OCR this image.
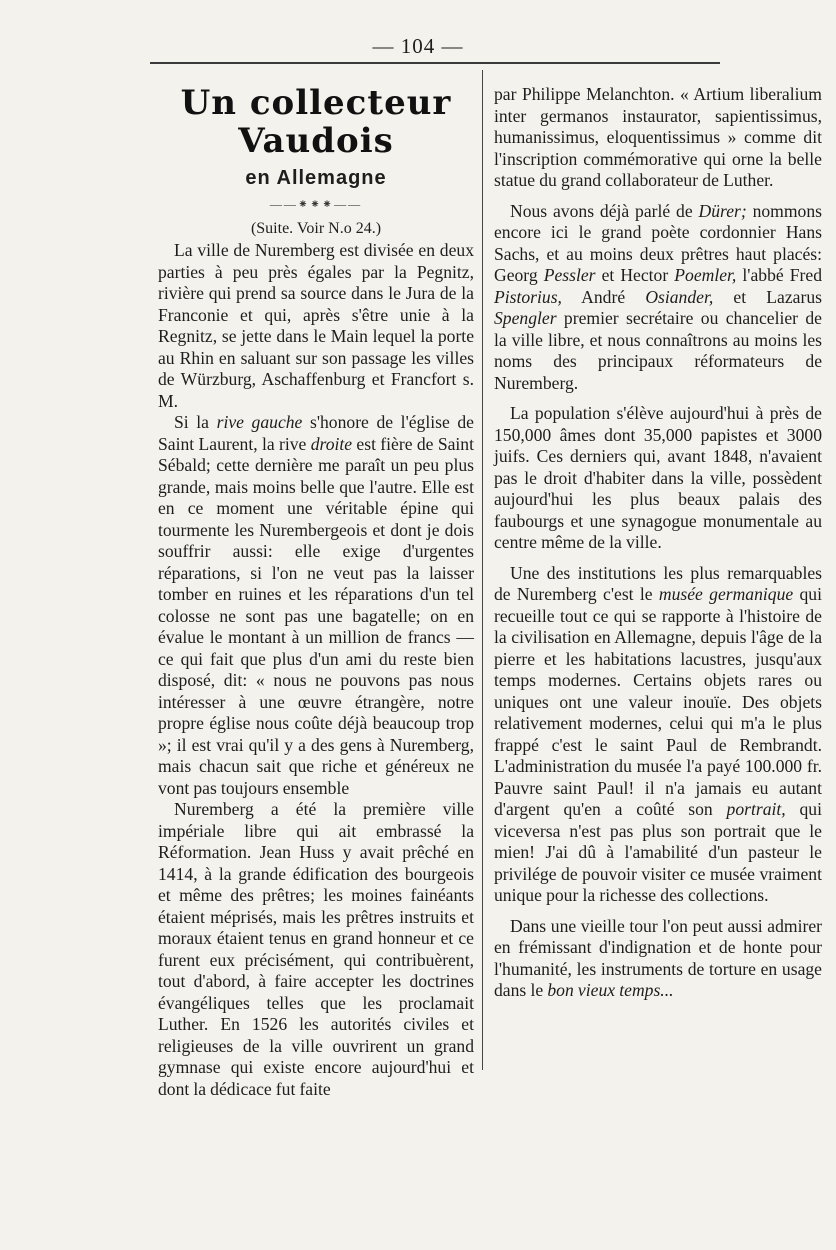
— 104 —
Un collecteur Vaudois
en Allemagne
——⁕⁕⁕——
(Suite. Voir N.o 24.)

La ville de Nuremberg est divisée en deux parties à peu près égales par la Pegnitz, rivière qui prend sa source dans le Jura de la Franconie et qui, après s'être unie à la Regnitz, se jette dans le Main lequel la porte au Rhin en saluant sur son passage les villes de Würzburg, Aschaffenburg et Francfort s. M.

Si la rive gauche s'honore de l'église de Saint Laurent, la rive droite est fière de Saint Sébald; cette dernière me paraît un peu plus grande, mais moins belle que l'autre. Elle est en ce moment une véritable épine qui tourmente les Nurembergeois et dont je dois souffrir aussi: elle exige d'urgentes réparations, si l'on ne veut pas la laisser tomber en ruines et les réparations d'un tel colosse ne sont pas une bagatelle; on en évalue le montant à un million de francs — ce qui fait que plus d'un ami du reste bien disposé, dit: « nous ne pouvons pas nous intéresser à une œuvre étrangère, notre propre église nous coûte déjà beaucoup trop »; il est vrai qu'il y a des gens à Nuremberg, mais chacun sait que riche et généreux ne vont pas toujours ensemble

Nuremberg a été la première ville impériale libre qui ait embrassé la Réformation. Jean Huss y avait prêché en 1414, à la grande édification des bourgeois et même des prêtres; les moines fainéants étaient méprisés, mais les prêtres instruits et moraux étaient tenus en grand honneur et ce furent eux précisément, qui contribuèrent, tout d'abord, à faire accepter les doctrines évangéliques telles que les proclamait Luther. En 1526 les autorités civiles et religieuses de la ville ouvrirent un grand gymnase qui existe encore aujourd'hui et dont la dédicace fut faite

par Philippe Melanchton. « Artium liberalium inter germanos instaurator, sapientissimus, humanissimus, eloquentissimus » comme dit l'inscription commémorative qui orne la belle statue du grand collaborateur de Luther.

Nous avons déjà parlé de Dürer; nommons encore ici le grand poète cordonnier Hans Sachs, et au moins deux prêtres haut placés: Georg Pessler et Hector Poemler, l'abbé Fred Pistorius, André Osiander, et Lazarus Spengler premier secrétaire ou chancelier de la ville libre, et nous connaîtrons au moins les noms des principaux réformateurs de Nuremberg.

La population s'élève aujourd'hui à près de 150,000 âmes dont 35,000 papistes et 3000 juifs. Ces derniers qui, avant 1848, n'avaient pas le droit d'habiter dans la ville, possèdent aujourd'hui les plus beaux palais des faubourgs et une synagogue monumentale au centre même de la ville.

Une des institutions les plus remarquables de Nuremberg c'est le musée germanique qui recueille tout ce qui se rapporte à l'histoire de la civilisation en Allemagne, depuis l'âge de la pierre et les habitations lacustres, jusqu'aux temps modernes. Certains objets rares ou uniques ont une valeur inouïe. Des objets relativement modernes, celui qui m'a le plus frappé c'est le saint Paul de Rembrandt. L'administration du musée l'a payé 100.000 fr. Pauvre saint Paul! il n'a jamais eu autant d'argent qu'en a coûté son portrait, qui viceversa n'est pas plus son portrait que le mien! J'ai dû à l'amabilité d'un pasteur le privilége de pouvoir visiter ce musée vraiment unique pour la richesse des collections.

Dans une vieille tour l'on peut aussi admirer en frémissant d'indignation et de honte pour l'humanité, les instruments de torture en usage dans le bon vieux temps...
